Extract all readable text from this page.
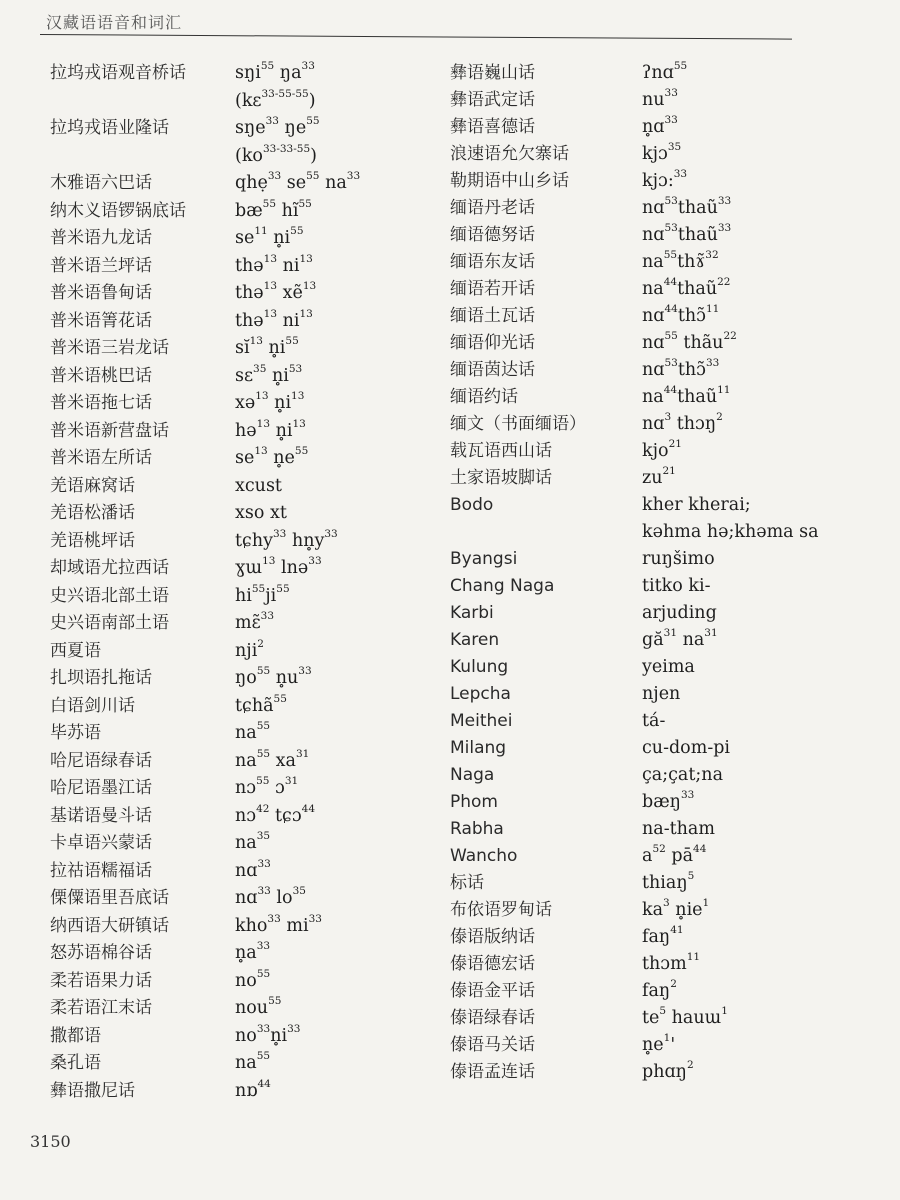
汉藏语语音和词汇
拉坞戎语观音桥话	sŋi$^{55}$ $ŋa^{33}$
(kɛ$^{33-55-55}$)
拉坞戎语业隆话	sŋe$^{33}$ $ŋe^{55}$
$(ko^{33-33-55})$
木雅语六巴话	qhẹ$^{33}$ $se^{55}$ $na^{33}$
纳木义语锣锅底话	$bæ^{55}$ $hĩ^{55}$
普米语九龙话	$se^{11}$ $n̥i^{55}$
普米语兰坪话	thə$^{13}$ $ni^{13}$
普米语鲁甸话	thə$^{13}$ xẽ$^{13}$
普米语箐花话	thə$^{13}$ $ni^{13}$
普米语三岩龙话	$sĭ^{13}$ $n̥i^{55}$
普米语桃巴话	sɛ$^{35}$ $n̥i^{53}$
普米语拖七话	xə$^{13}$ $n̥i^{13}$
普米语新营盘话	hə$^{13}$ $n̥i^{13}$
普米语左所话	$se^{13}$ $n̥e^{55}$
羌语麻窝话	xcust
羌语松潘话	xso xt
羌语桃坪话	tɕhy$^{33}$ $hn̥y^{33}$
却域语尤拉西话	ɣɯ$^{13}$ lnə$^{33}$
史兴语北部土语	$hi^{55}ji^{55}$
史兴语南部土语	mɛ̃$^{33}$
西夏语	nji$^2$
扎坝语扎拖话	$ŋo^{55}$ $n̥u^{33}$
白语剑川话	tɕhã$^{55}$
毕苏语	$na^{55}$
哈尼语绿春话	$na^{55}$ $xa^{31}$
哈尼语墨江话	nɔ$^{55}$ ɔ$^{31}$
基诺语曼斗话	nɔ$^{42}$ tɕɔ$^{44}$
卡卓语兴蒙话	$na^{35}$
拉祜语糯福话	nɑ$^{33}$
傈僳语里吾底话	nɑ$^{33}$ $lo^{35}$
纳西语大研镇话	kho$^{33}$ $mi^{33}$
怒苏语棉谷话	$n̥a^{33}$
柔若语果力话	$no^{55}$
柔若语江末话	nou$^{55}$
撒都语	$no^{33}n̥i^{33}$
桑孔语	$na^{55}$
彝语撒尼话	nɒ$^{44}$
彝语巍山话	ʔnɑ$^{55}$
彝语武定话	$nu^{33}$
彝语喜德话	n̥ɑ$^{33}$
浪速语允欠寨话	kjɔ$^{35}$
勒期语中山乡话	kjɔ:$^{33}$
缅语丹老话	nɑ$^{53}$thaũ$^{33}$
缅语德努话	nɑ$^{53}$thaũ$^{33}$
缅语东友话	$na^{55}thɤ̃^{32}$
缅语若开话	$na^{44}thaũ^{22}$
缅语土瓦话	nɑ$^{44}$thɔ̃$^{11}$
缅语仰光话	nɑ$^{55}$ thãu$^{22}$
缅语茵达话	nɑ$^{53}$thɔ̃$^{33}$
缅语约话	$na^{44}thaũ^{11}$
缅文（书面缅语）	nɑ$^3$ thɔŋ$^2$
载瓦语西山话	kjo$^{21}$
土家语坡脚话	$zu^{21}$
Bodo	kher kherai;
kəhma hə;khəma sa
Byangsi	ruŋšimo
Chang Naga	titko ki-
Karbi	arjuding
Karen	$gă^{31}$ $na^{31}$
Kulung	yeima
Lepcha	njen
Meithei	tá-
Milang	cu-dom-pi
Naga	ça;çat;na
Phom	bæŋ$^{33}$
Rabha	na-tham
Wancho	$a^{52}$ $pā^{44}$
标话	thiaŋ$^5$
布依语罗甸话	$ka^3$ $n̥ie^1$
傣语版纳话	faŋ$^{41}$
傣语德宏话	thɔm$^{11}$
傣语金平话	faŋ$^2$
傣语绿春话	$te^5$ hauɯ$^1$
傣语马关话	$n̥e^1'$
傣语孟连话	phɑŋ$^2$
3150
